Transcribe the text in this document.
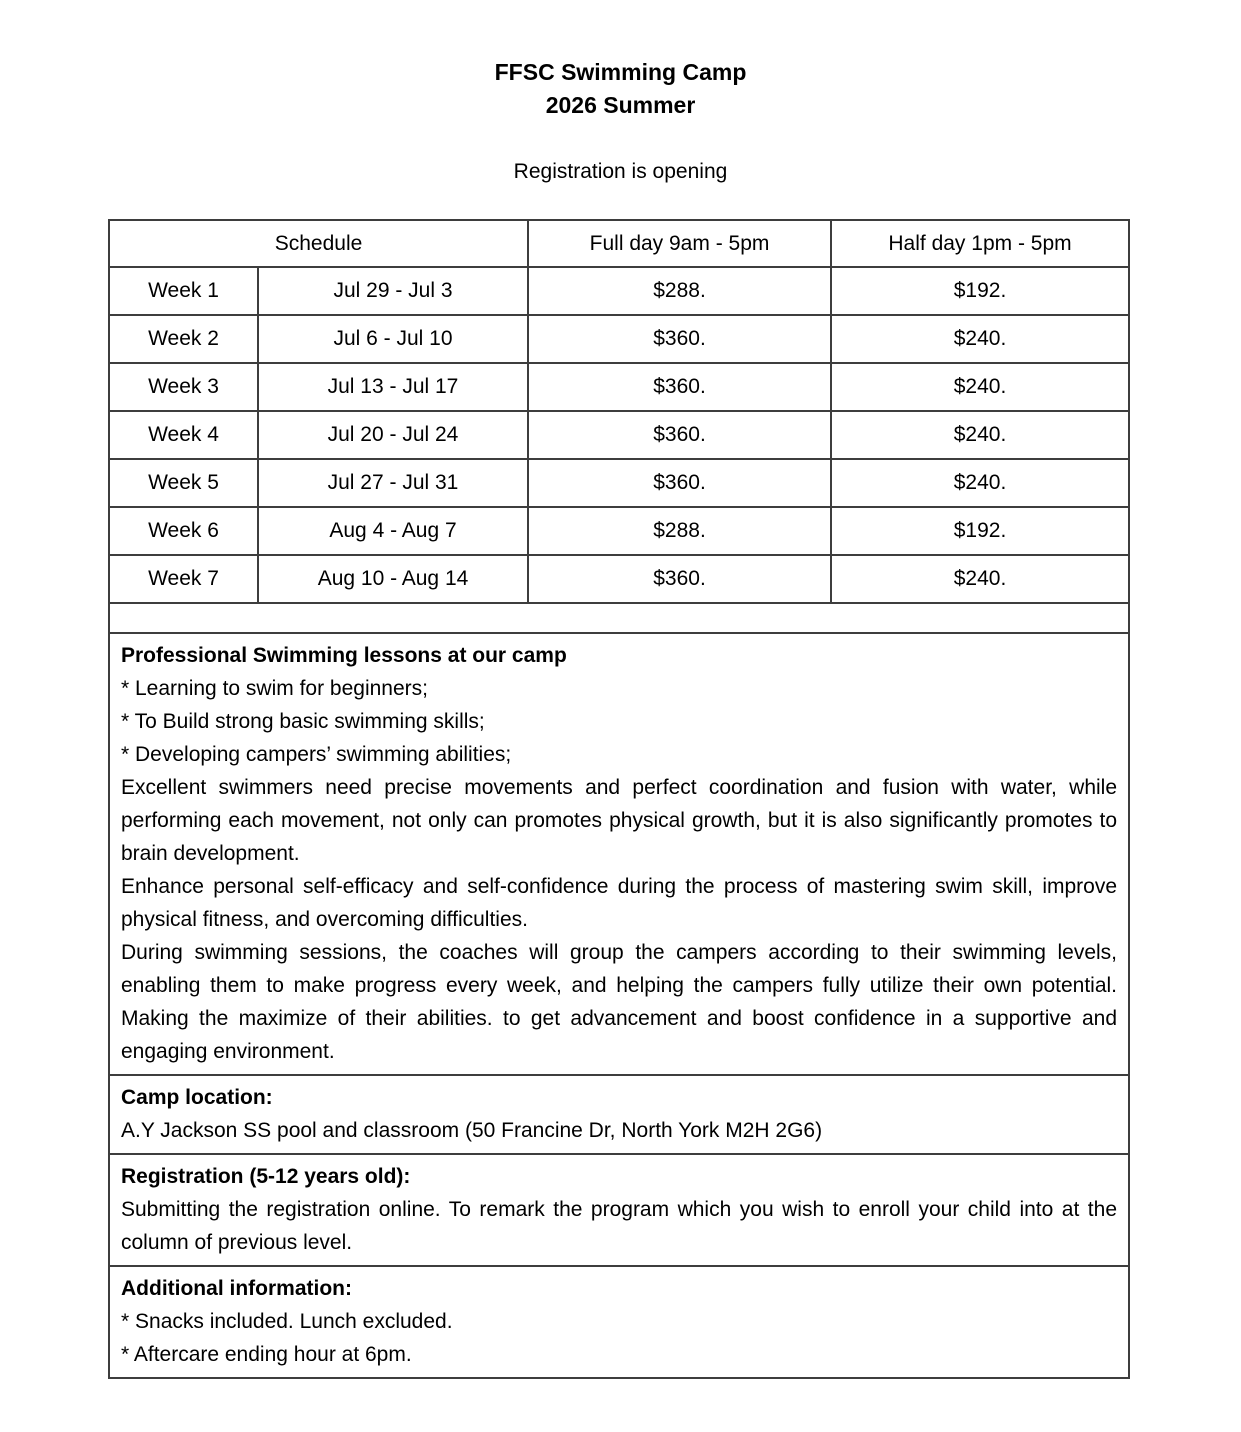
FFSC Swimming Camp
2026 Summer
Registration is opening
Schedule		Full day 9am - 5pm	Half day 1pm - 5pm
Week 1	Jul 29 - Jul 3	$288.	$192.
Week 2	Jul 6 - Jul 10	$360.	$240.
Week 3	Jul 13 - Jul 17	$360.	$240.
Week 4	Jul 20 - Jul 24	$360.	$240.
Week 5	Jul 27 - Jul 31	$360.	$240.
Week 6	Aug 4 - Aug 7	$288.	$192.
Week 7	Aug 10 - Aug 14	$360.	$240.

Professional Swimming lessons at our camp
* Learning to swim for beginners;
* To Build strong basic swimming skills;
* Developing campers’ swimming abilities;
Excellent swimmers need precise movements and perfect coordination and fusion with water, while performing each movement, not only can promotes physical growth, but it is also significantly promotes to brain development.
Enhance personal self-efficacy and self-confidence during the process of mastering swim skill, improve physical fitness, and overcoming difficulties.
During swimming sessions, the coaches will group the campers according to their swimming levels, enabling them to make progress every week, and helping the campers fully utilize their own potential. Making the maximize of their abilities. to get advancement and boost confidence in a supportive and engaging environment.

Camp location:
A.Y Jackson SS pool and classroom (50 Francine Dr, North York M2H 2G6)			

Registration (5-12 years old):
Submitting the registration online. To remark the program which you wish to enroll your child into at the column of previous level.			

Additional information:
* Snacks included. Lunch excluded.
* Aftercare ending hour at 6pm.			
